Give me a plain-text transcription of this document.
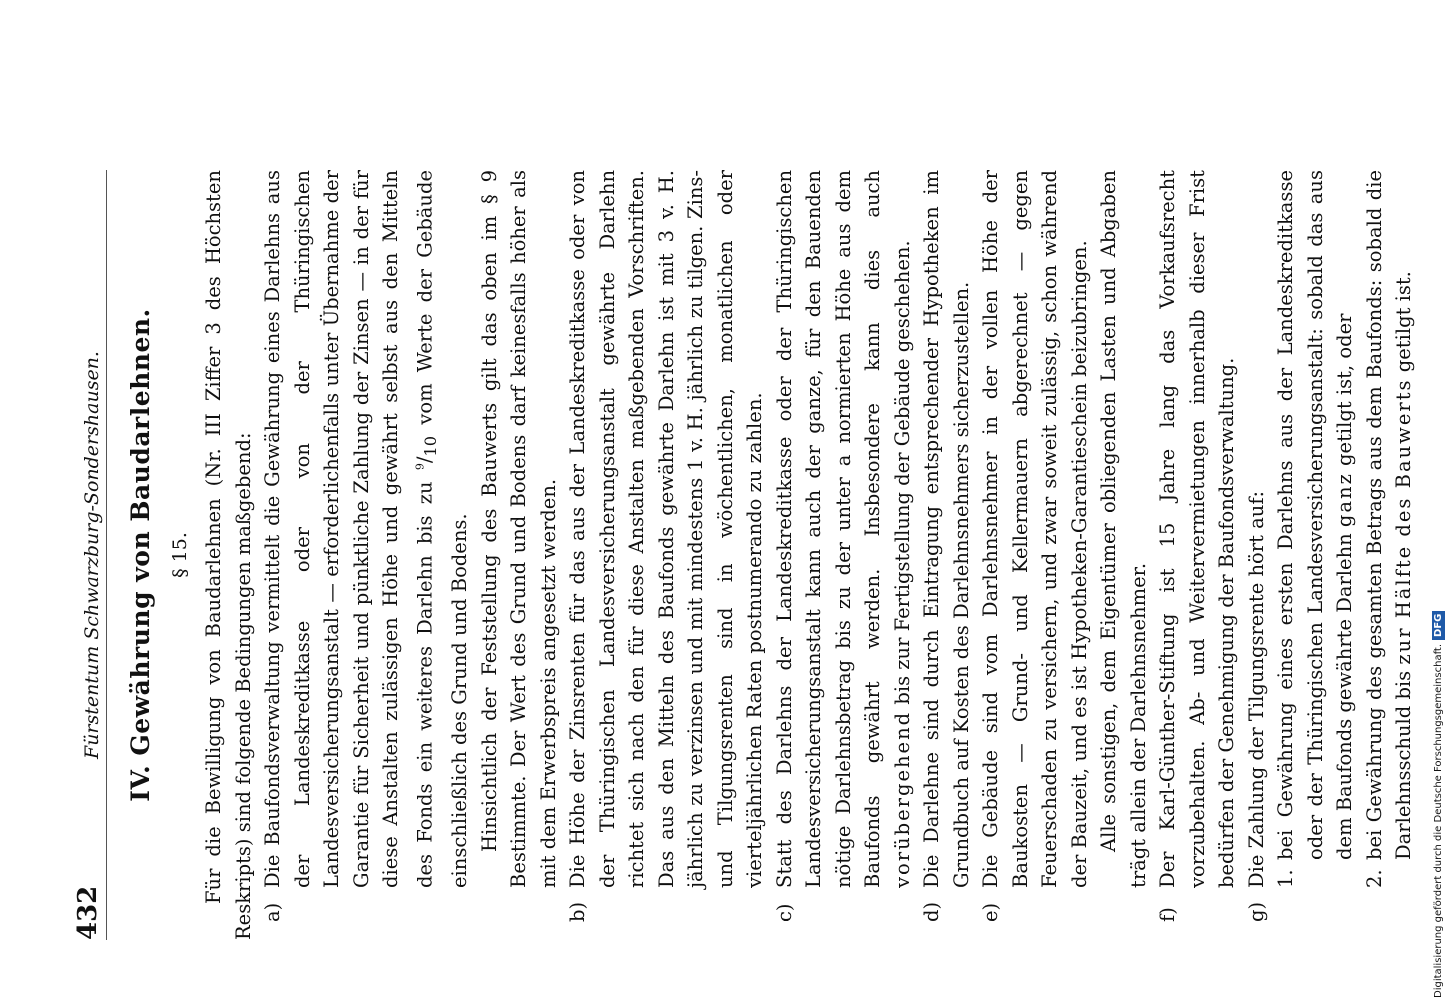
432
Fürstentum Schwarzburg-Sondershausen. IV. Gewährung von Baudarlehnen. § 15. Für die Bewilligung von Baudarlehnen (Nr. III Ziffer 3 des Höchsten Reskripts) sind folgende Bedingungen maßgebend: a)
Die Baufondsverwaltung vermittelt die Gewährung eines Darlehns aus der Landeskreditkasse oder von der Thüringischen Landesversicherungsanstalt — erforderlichenfalls unter Übernahme der Garantie für Sicherheit und pünktliche Zahlung der Zinsen — in der für diese Anstalten zulässigen Höhe und gewährt selbst aus den Mitteln des Fonds ein weiteres Darlehn bis zu $^9/_{10}$ vom Werte der Gebäude einschließlich des Grund und Bodens. Hinsichtlich der Feststellung des Bauwerts gilt das oben im § 9 Bestimmte. Der Wert des Grund und Bodens darf keinesfalls höher als mit dem Erwerbspreis angesetzt werden.

b)
Die Höhe der Zinsrenten für das aus der Landeskreditkasse oder von der Thüringischen Landesversicherungsanstalt gewährte Darlehn richtet sich nach den für diese Anstalten maßgebenden Vorschriften. Das aus den Mitteln des Baufonds gewährte Darlehn ist mit 3 v. H. jährlich zu verzinsen und mit mindestens 1 v. H. jährlich zu tilgen. Zins- und Tilgungsrenten sind in wöchentlichen, monatlichen oder vierteljährlichen Raten postnumerando zu zahlen.
c)
Statt des Darlehns der Landeskreditkasse oder der Thüringischen Landesversicherungsanstalt kann auch der ganze, für den Bauenden nötige Darlehnsbetrag bis zu der unter a normierten Höhe aus dem Baufonds gewährt werden. Insbesondere kann dies auch vorübergehend bis zur Fertigstellung der Gebäude geschehen.
d)
Die Darlehne sind durch Eintragung entsprechender Hypotheken im Grundbuch auf Kosten des Darlehnsnehmers sicherzustellen.
e)
Die Gebäude sind vom Darlehnsnehmer in der vollen Höhe der Baukosten — Grund- und Kellermauern abgerechnet — gegen Feuerschaden zu versichern, und zwar soweit zulässig, schon während der Bauzeit, und es ist Hypotheken-Garantieschein beizubringen. Alle sonstigen, dem Eigentümer obliegenden Lasten und Abgaben trägt allein der Darlehnsnehmer.

f)
Der Karl-Günther-Stiftung ist 15 Jahre lang das Vorkaufsrecht vorzubehalten. Ab- und Weitervermietungen innerhalb dieser Frist bedürfen der Genehmigung der Baufondsverwaltung.
g)
Die Zahlung der Tilgungsrente hört auf: 1.
bei Gewährung eines ersten Darlehns aus der Landeskreditkasse oder der Thüringischen Landesversicherungsanstalt: sobald das aus dem Baufonds gewährte Darlehn ganz getilgt ist, oder
2.
bei Gewährung des gesamten Betrags aus dem Baufonds: sobald die Darlehnsschuld bis zur Hälfte des Bauwerts getilgt ist.
Digitalisierung gefördert durch die Deutsche Forschungsgemeinschaft.
DFG
